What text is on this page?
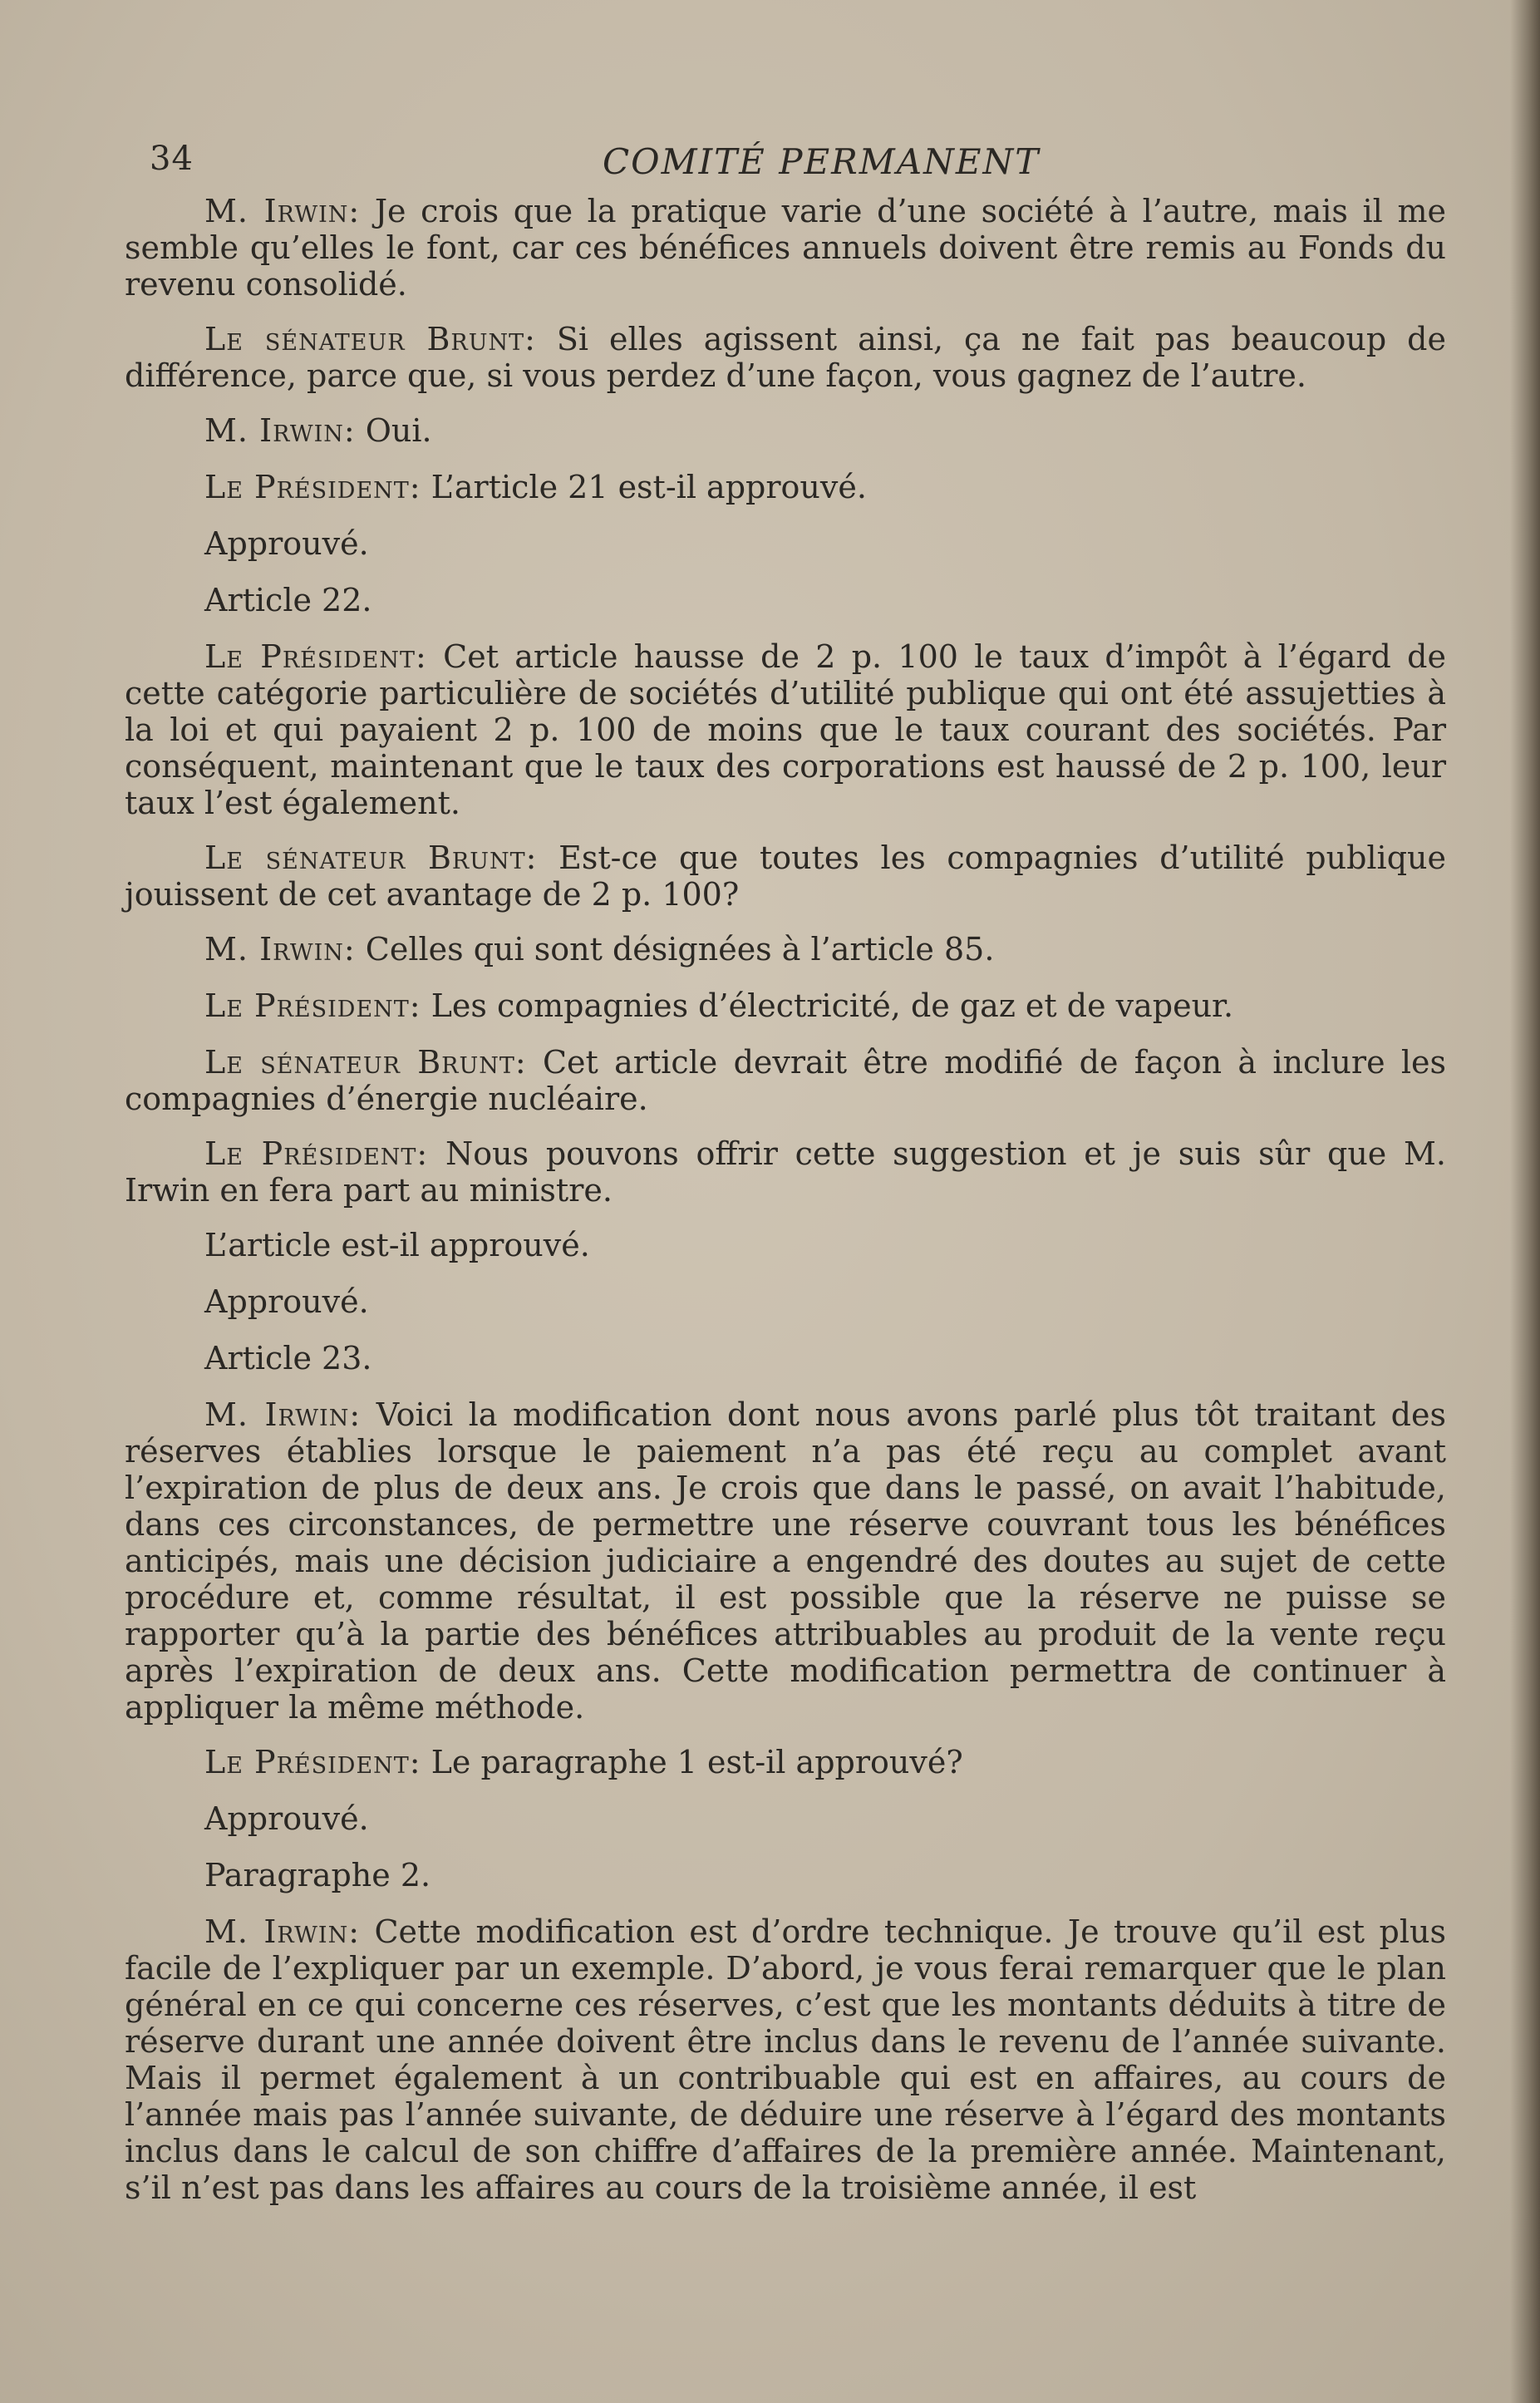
34	COMITÉ PERMANENT

M. Irwin: Je crois que la pratique varie d’une société à l’autre, mais il me semble qu’elles le font, car ces bénéfices annuels doivent être remis au Fonds du revenu consolidé.

Le sénateur Brunt: Si elles agissent ainsi, ça ne fait pas beaucoup de différence, parce que, si vous perdez d’une façon, vous gagnez de l’autre.

M. Irwin: Oui.

Le Président: L’article 21 est-il approuvé.

Approuvé.

Article 22.

Le Président: Cet article hausse de 2 p. 100 le taux d’impôt à l’égard de cette catégorie particulière de sociétés d’utilité publique qui ont été assujetties à la loi et qui payaient 2 p. 100 de moins que le taux courant des sociétés. Par conséquent, maintenant que le taux des corporations est haussé de 2 p. 100, leur taux l’est également.

Le sénateur Brunt: Est-ce que toutes les compagnies d’utilité publique jouissent de cet avantage de 2 p. 100?

M. Irwin: Celles qui sont désignées à l’article 85.

Le Président: Les compagnies d’électricité, de gaz et de vapeur.

Le sénateur Brunt: Cet article devrait être modifié de façon à inclure les compagnies d’énergie nucléaire.

Le Président: Nous pouvons offrir cette suggestion et je suis sûr que M. Irwin en fera part au ministre.

L’article est-il approuvé.

Approuvé.

Article 23.

M. Irwin: Voici la modification dont nous avons parlé plus tôt traitant des réserves établies lorsque le paiement n’a pas été reçu au complet avant l’expiration de plus de deux ans. Je crois que dans le passé, on avait l’habitude, dans ces circonstances, de permettre une réserve couvrant tous les bénéfices anticipés, mais une décision judiciaire a engendré des doutes au sujet de cette procédure et, comme résultat, il est possible que la réserve ne puisse se rapporter qu’à la partie des bénéfices attribuables au produit de la vente reçu après l’expiration de deux ans. Cette modification permettra de continuer à appliquer la même méthode.

Le Président: Le paragraphe 1 est-il approuvé?

Approuvé.

Paragraphe 2.

M. Irwin: Cette modification est d’ordre technique. Je trouve qu’il est plus facile de l’expliquer par un exemple. D’abord, je vous ferai remarquer que le plan général en ce qui concerne ces réserves, c’est que les montants déduits à titre de réserve durant une année doivent être inclus dans le revenu de l’année suivante. Mais il permet également à un contribuable qui est en affaires, au cours de l’année mais pas l’année suivante, de déduire une réserve à l’égard des montants inclus dans le calcul de son chiffre d’affaires de la première année. Maintenant, s’il n’est pas dans les affaires au cours de la troisième année, il est
